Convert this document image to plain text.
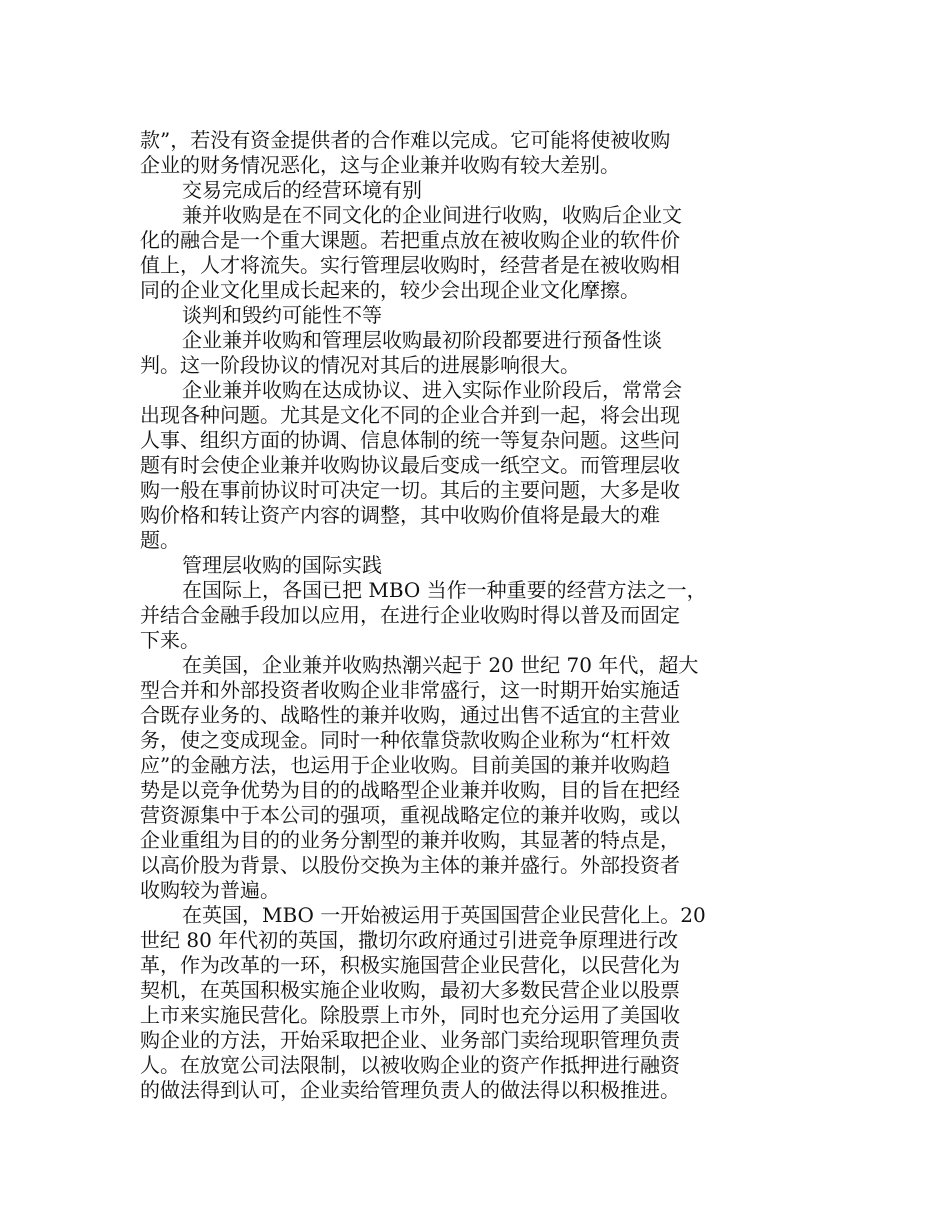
款”，若没有资金提供者的合作难以完成。它可能将使被收购
企业的财务情况恶化，这与企业兼并收购有较大差别。
交易完成后的经营环境有别
兼并收购是在不同文化的企业间进行收购，收购后企业文
化的融合是一个重大课题。若把重点放在被收购企业的软件价
值上，人才将流失。实行管理层收购时，经营者是在被收购相
同的企业文化里成长起来的，较少会出现企业文化摩擦。
谈判和毁约可能性不等
企业兼并收购和管理层收购最初阶段都要进行预备性谈
判。这一阶段协议的情况对其后的进展影响很大。
企业兼并收购在达成协议、进入实际作业阶段后，常常会
出现各种问题。尤其是文化不同的企业合并到一起，将会出现
人事、组织方面的协调、信息体制的统一等复杂问题。这些问
题有时会使企业兼并收购协议最后变成一纸空文。而管理层收
购一般在事前协议时可决定一切。其后的主要问题，大多是收
购价格和转让资产内容的调整，其中收购价值将是最大的难
题。
管理层收购的国际实践
在国际上，各国已把 MBO 当作一种重要的经营方法之一，
并结合金融手段加以应用，在进行企业收购时得以普及而固定
下来。
在美国，企业兼并收购热潮兴起于 20 世纪 70 年代，超大
型合并和外部投资者收购企业非常盛行，这一时期开始实施适
合既存业务的、战略性的兼并收购，通过出售不适宜的主营业
务，使之变成现金。同时一种依靠贷款收购企业称为“杠杆效
应”的金融方法，也运用于企业收购。目前美国的兼并收购趋
势是以竞争优势为目的的战略型企业兼并收购，目的旨在把经
营资源集中于本公司的强项，重视战略定位的兼并收购，或以
企业重组为目的的业务分割型的兼并收购，其显著的特点是，
以高价股为背景、以股份交换为主体的兼并盛行。外部投资者
收购较为普遍。
在英国，MBO 一开始被运用于英国国营企业民营化上。20
世纪 80 年代初的英国，撒切尔政府通过引进竞争原理进行改
革，作为改革的一环，积极实施国营企业民营化，以民营化为
契机，在英国积极实施企业收购，最初大多数民营企业以股票
上市来实施民营化。除股票上市外，同时也充分运用了美国收
购企业的方法，开始采取把企业、业务部门卖给现职管理负责
人。在放宽公司法限制，以被收购企业的资产作抵押进行融资
的做法得到认可，企业卖给管理负责人的做法得以积极推进。
